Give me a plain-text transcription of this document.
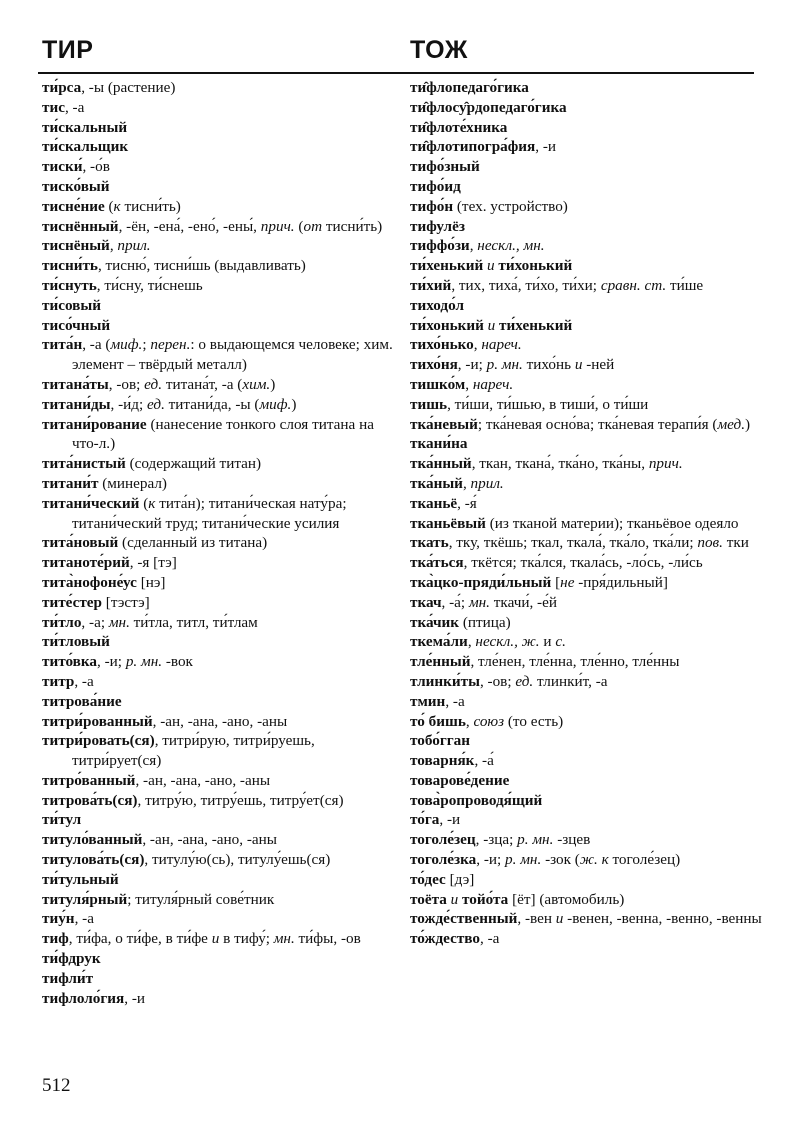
ТИР	ТОЖ

ти́рса, -ы (растение)

тис, -а

ти́скальный

ти́скальщик

тиски́, -о́в

тиско́вый

тисне́ние (к тисни́ть)

тиснённый, -ён, -ена́, -ено́, -ены́, прич. (от тисни́ть)

тиснёный, прил.

тисни́ть, тисню́, тисни́шь (выдавливать)

ти́снуть, ти́сну, ти́снешь

ти́совый

тисо́чный

тита́н, -а (миф.; перен.: о выдающемся человеке; хим. элемент – твёрдый металл)

титана́ты, -ов; ед. титана́т, -а (хим.)

титани́ды, -и́д; ед. титани́да, -ы (миф.)

титани́рование (нанесение тонкого слоя титана на что-л.)

тита́нистый (содержащий титан)

титани́т (минерал)

титани́ческий (к тита́н); титани́ческая нату́ра; титани́ческий труд; титани́ческие усилия

тита́новый (сделанный из титана)

титаноте́рий, -я [тэ]

тита̀нофоне́ус [нэ]

тите́стер [тэстэ]

ти́тло, -а; мн. ти́тла, титл, ти́тлам

ти́тловый

тито́вка, -и; р. мн. -вок

титр, -а

титрова́ние

титри́рованный, -ан, -ана, -ано, -аны

титри́ровать(ся), титри́рую, титри́руешь, титри́рует(ся)

титро́ванный, -ан, -ана, -ано, -аны

титрова́ть(ся), титру́ю, титру́ешь, титру́ет(ся)

ти́тул

титуло́ванный, -ан, -ана, -ано, -аны

титулова́ть(ся), титулу́ю(сь), титулу́ешь(ся)

ти́тульный

титуля́рный; титуля́рный сове́тник

тиу́н, -а

тиф, ти́фа, о ти́фе, в ти́фе и в тифу́; мн. ти́фы, -ов

ти́фдрук

тифли́т

тифлоло́гия, -и

ти̂флопедаго́гика

ти̂флосу̂рдопедаго́гика

ти̂флоте́хника

ти̂флотипогра́фия, -и

тифо́зный

тифо́ид

тифо́н (тех. устройство)

тифулёз

тиффо́зи, нескл., мн.

ти́хенький и ти́хонький

ти́хий, тих, тиха́, ти́хо, ти́хи; сравн. ст. ти́ше

тиходо́л

ти́хонький и ти́хенький

тихо́нько, нареч.

тихо́ня, -и; р. мн. тихо́нь и -ней

тишко́м, нареч.

тишь, ти́ши, ти́шью, в тиши́, о ти́ши

тка́невый; тка́невая осно́ва; тка́невая терапи́я (мед.)

ткани́на

тка́нный, ткан, ткана́, тка́но, тка́ны, прич.

тка́ный, прил.

тканьё, -я́

тканьёвый (из тканой материи); тканьёвое одеяло

ткать, тку, ткёшь; ткал, ткала́, тка́ло, тка́ли; пов. тки

тка́ться, ткётся; тка́лся, ткала́сь, -ло́сь, -ли́сь

тка̀цко-пряди́льный [не -пря́дильный]

ткач, -а́; мн. ткачи́, -е́й

тка́чик (птица)

ткема́ли, нескл., ж. и с.

тле́нный, тле́нен, тле́нна, тле́нно, тле́нны

тлинки́ты, -ов; ед. тлинки́т, -а

тмин, -а

то́ бишь, союз (то есть)

тобо́гган

товарня́к, -а́

товарове́дение

това̀ропроводя́щий

то́га, -и

тоголе́зец, -зца; р. мн. -зцев

тоголе́зка, -и; р. мн. -зок (ж. к тоголе́зец)

то́дес [дэ]

тоёта и тойо́та [ёт] (автомобиль)

тожде́ственный, -вен и -венен, -венна, -венно, -венны

то́ждество, -а

512
